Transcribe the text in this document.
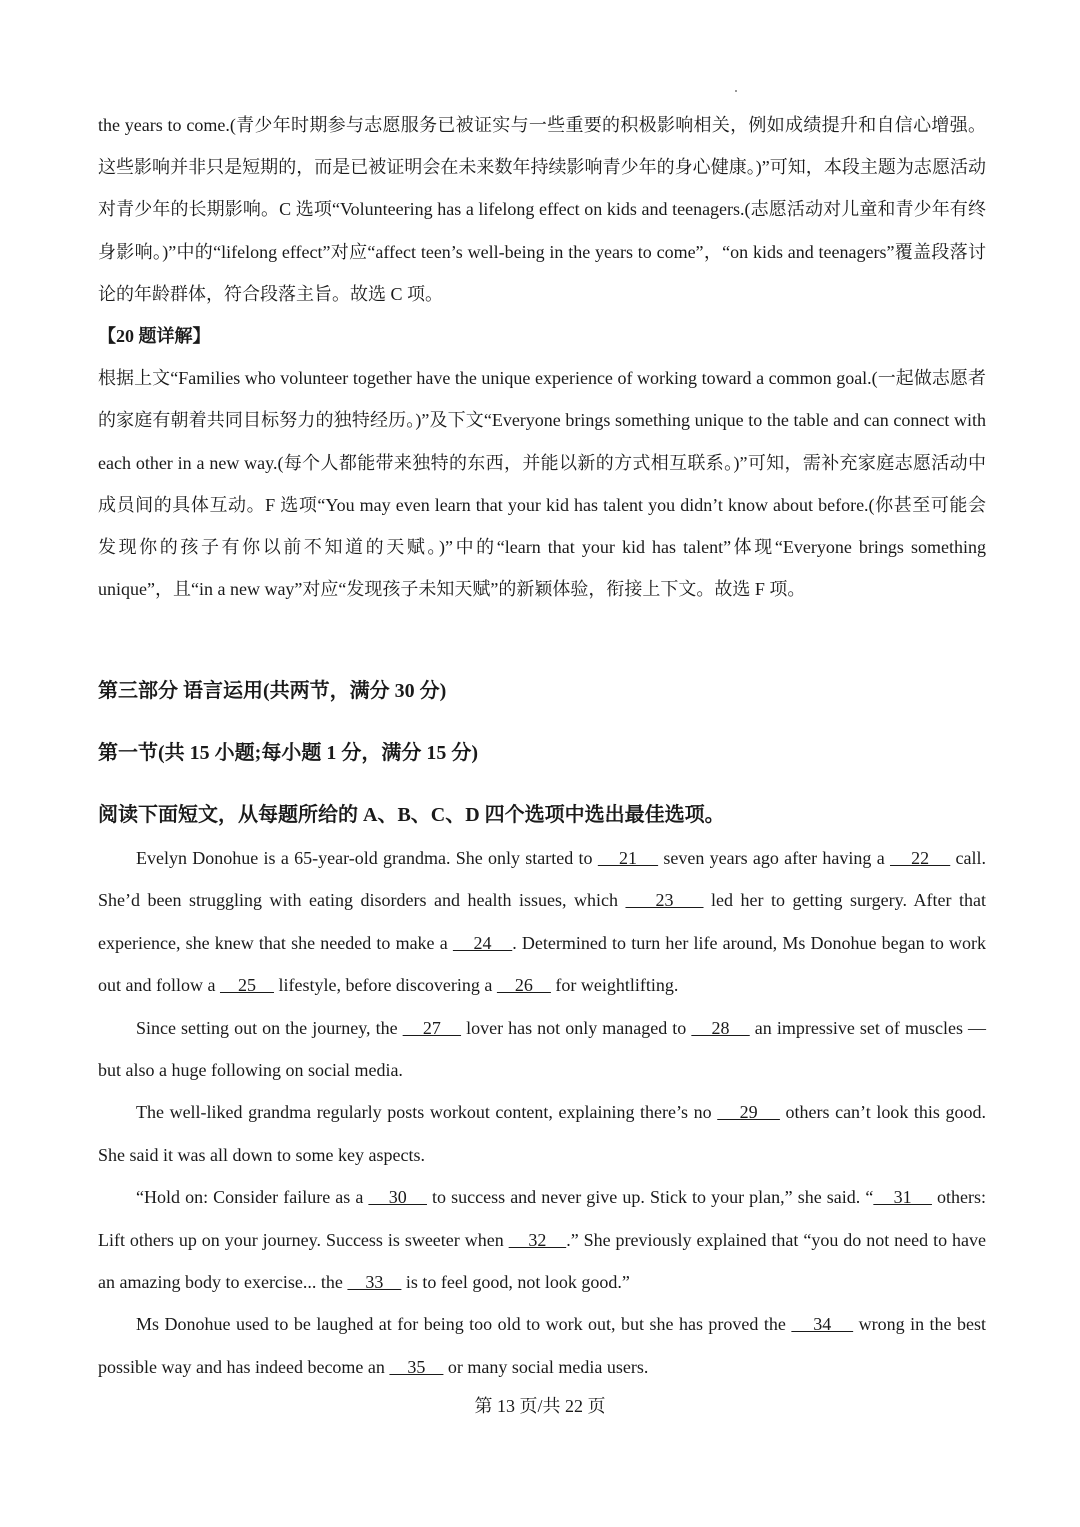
the years to come.(青少年时期参与志愿服务已被证实与一些重要的积极影响相关，例如成绩提升和自信心增强。这些影响并非只是短期的，而是已被证明会在未来数年持续影响青少年的身心健康。)”可知，本段主题为志愿活动对青少年的长期影响。C 选项“Volunteering has a lifelong effect on kids and teenagers.(志愿活动对儿童和青少年有终身影响。)”中的“lifelong effect”对应“affect teen’s well-being in the years to come”，“on kids and teenagers”覆盖段落讨论的年龄群体，符合段落主旨。故选 C 项。

【20 题详解】

根据上文“Families who volunteer together have the unique experience of working toward a common goal.(一起做志愿者的家庭有朝着共同目标努力的独特经历。)”及下文“Everyone brings something unique to the table and can connect with each other in a new way.(每个人都能带来独特的东西，并能以新的方式相互联系。)”可知，需补充家庭志愿活动中成员间的具体互动。F 选项“You may even learn that your kid has talent you didn’t know about before.(你甚至可能会发现你的孩子有你以前不知道的天赋。)”中的“learn that your kid has talent”体现“Everyone brings something unique”，且“in a new way”对应“发现孩子未知天赋”的新颖体验，衔接上下文。故选 F 项。

第三部分 语言运用(共两节，满分 30 分)
第一节(共 15 小题;每小题 1 分，满分 15 分)
阅读下面短文，从每题所给的 A、B、C、D 四个选项中选出最佳选项。

Evelyn Donohue is a 65-year-old grandma. She only started to     21     seven years ago after having a     22     call. She’d been struggling with eating disorders and health issues, which     23     led her to getting surgery. After that experience, she knew that she needed to make a     24    . Determined to turn her life around, Ms Donohue began to work out and follow a     25     lifestyle, before discovering a     26     for weightlifting.

Since setting out on the journey, the     27     lover has not only managed to     28     an impressive set of muscles — but also a huge following on social media.

The well-liked grandma regularly posts workout content, explaining there’s no     29     others can’t look this good. She said it was all down to some key aspects.

“Hold on: Consider failure as a     30     to success and never give up. Stick to your plan,” she said. “    31     others: Lift others up on your journey. Success is sweeter when     32    .” She previously explained that “you do not need to have an amazing body to exercise... the     33     is to feel good, not look good.”

Ms Donohue used to be laughed at for being too old to work out, but she has proved the     34     wrong in the best possible way and has indeed become an     35     or many social media users.

第 13 页/共 22 页
